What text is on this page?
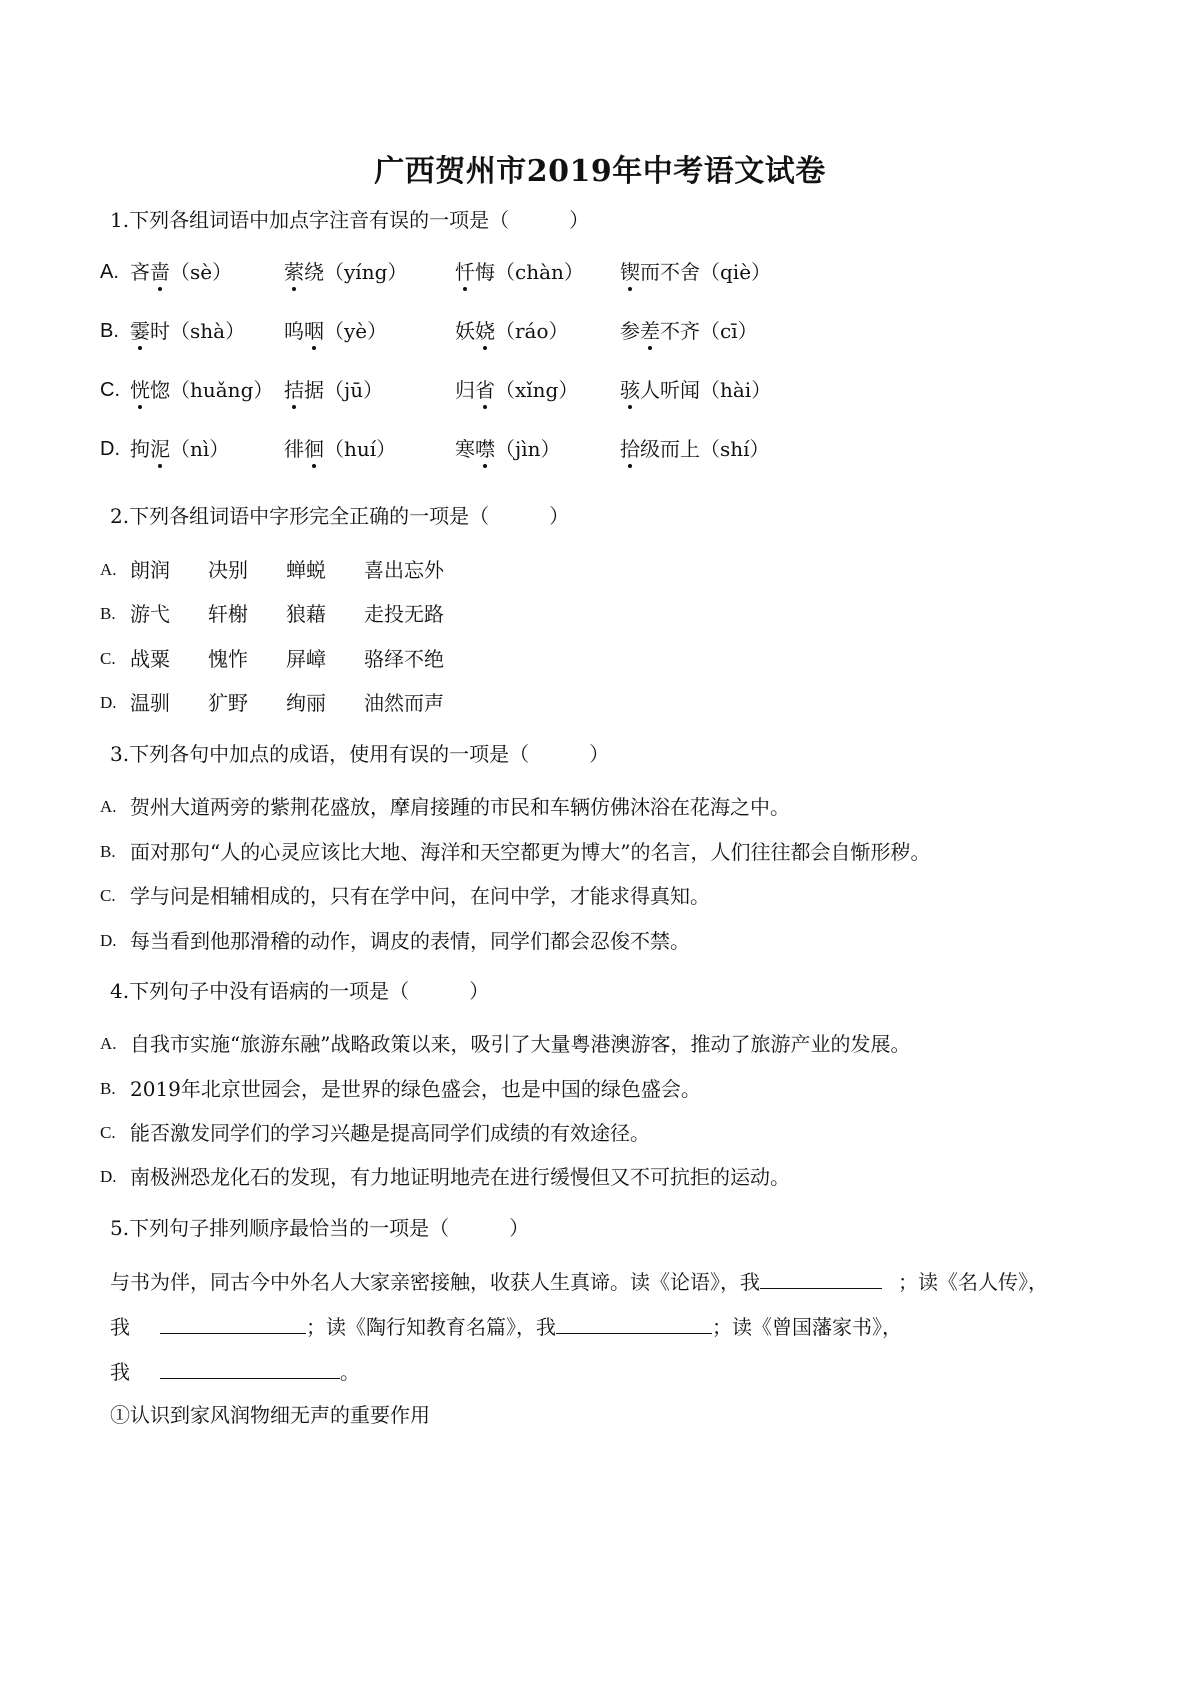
广西贺州市2019年中考语文试卷
1.下列各组词语中加点字注音有误的一项是（　　　）
A. 吝啬（sè）	萦绕（yíng） 忏悔（chàn） 锲而不舍（qiè）
B. 霎时（shà） 呜咽（yè）	妖娆（ráo）	参差不齐（cī）
C. 恍惚（huǎng） 拮据（jū）	归省（xǐng） 骇人听闻（hài）
D. 拘泥（nì）	徘徊（huí）	寒噤（jìn）	拾级而上（shí）
2.下列各组词语中字形完全正确的一项是（　　　）
A. 朗润 决别 蝉蜕 喜出忘外
B. 游弋 轩榭 狼藉 走投无路
C. 战粟 愧怍 屏嶂 骆绎不绝
D. 温驯 犷野 绚丽 油然而声
3.下列各句中加点的成语，使用有误的一项是（　　　）
A. 贺州大道两旁的紫荆花盛放，摩肩接踵的市民和车辆仿佛沐浴在花海之中。
B. 面对那句“人的心灵应该比大地、海洋和天空都更为博大”的名言，人们往往都会自惭形秽。
C. 学与问是相辅相成的，只有在学中问，在问中学，才能求得真知。
D. 每当看到他那滑稽的动作，调皮的表情，同学们都会忍俊不禁。
4.下列句子中没有语病的一项是（　　　）
A. 自我市实施“旅游东融”战略政策以来，吸引了大量粤港澳游客，推动了旅游产业的发展。
B. 2019年北京世园会，是世界的绿色盛会，也是中国的绿色盛会。
C. 能否激发同学们的学习兴趣是提高同学们成绩的有效途径。
D. 南极洲恐龙化石的发现，有力地证明地壳在进行缓慢但又不可抗拒的运动。
5.下列句子排列顺序最恰当的一项是（　　　）
与书为伴，同古今中外名人大家亲密接触，收获人生真谛。读《论语》，我	；读《名人传》，
我	；读《陶行知教育名篇》，我	；读《曾国藩家书》，
我	。
①认识到家风润物细无声的重要作用
